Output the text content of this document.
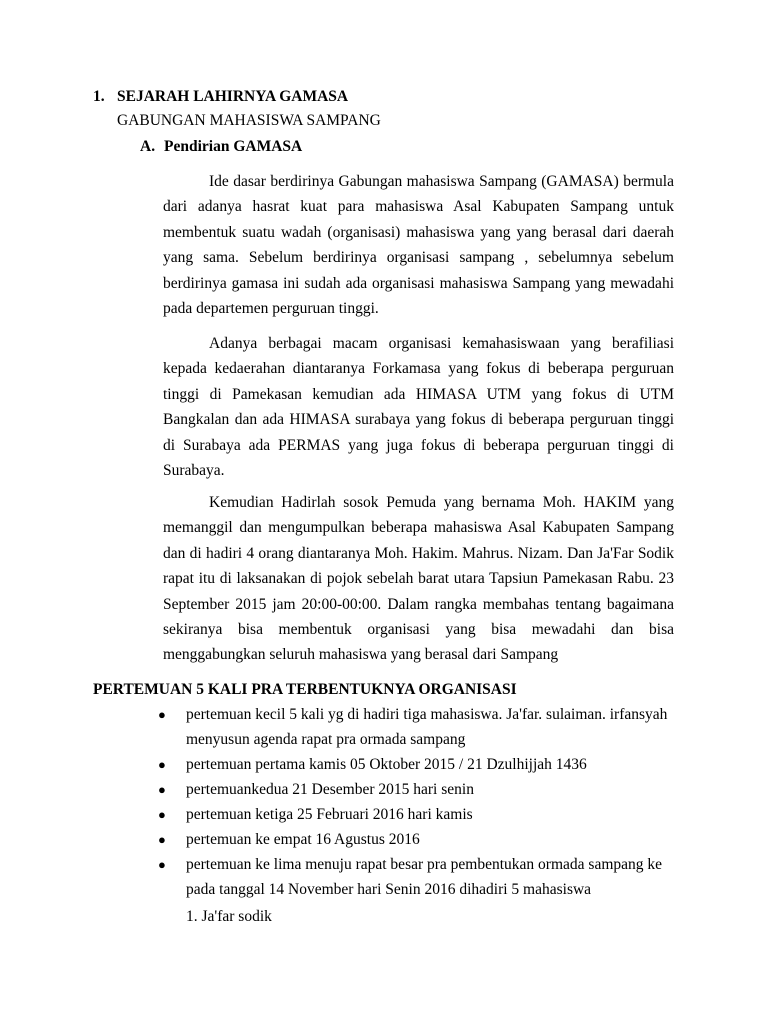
1. SEJARAH LAHIRNYA GAMASA
GABUNGAN MAHASISWA SAMPANG
A. Pendirian GAMASA

Ide dasar berdirinya Gabungan mahasiswa Sampang (GAMASA) bermula dari adanya hasrat kuat para mahasiswa Asal Kabupaten Sampang untuk membentuk suatu wadah (organisasi) mahasiswa yang yang berasal dari daerah yang sama. Sebelum berdirinya organisasi sampang , sebelumnya sebelum berdirinya gamasa ini sudah ada organisasi mahasiswa Sampang yang mewadahi pada departemen perguruan tinggi.

Adanya berbagai macam organisasi kemahasiswaan yang berafiliasi kepada kedaerahan diantaranya Forkamasa yang fokus di beberapa perguruan tinggi di Pamekasan kemudian ada HIMASA UTM yang fokus di UTM Bangkalan dan ada HIMASA surabaya yang fokus di beberapa perguruan tinggi di Surabaya ada PERMAS yang juga fokus di beberapa perguruan tinggi di Surabaya.

Kemudian Hadirlah sosok Pemuda yang bernama Moh. HAKIM yang memanggil dan mengumpulkan beberapa mahasiswa Asal Kabupaten Sampang dan di hadiri 4 orang diantaranya Moh. Hakim. Mahrus. Nizam. Dan Ja'Far Sodik rapat itu di laksanakan di pojok sebelah barat utara Tapsiun Pamekasan Rabu. 23 September 2015 jam 20:00-00:00. Dalam rangka membahas tentang bagaimana sekiranya bisa membentuk organisasi yang bisa mewadahi dan bisa menggabungkan seluruh mahasiswa yang berasal dari Sampang

PERTEMUAN 5 KALI PRA TERBENTUKNYA ORGANISASI
● pertemuan kecil 5 kali yg di hadiri tiga mahasiswa. Ja'far. sulaiman. irfansyah menyusun agenda rapat pra ormada sampang
● pertemuan pertama kamis 05 Oktober 2015 / 21 Dzulhijjah 1436
● pertemuankedua 21 Desember 2015 hari senin
● pertemuan ketiga 25 Februari 2016 hari kamis
● pertemuan ke empat 16 Agustus 2016
● pertemuan ke lima menuju rapat besar pra pembentukan ormada sampang ke pada tanggal 14 November hari Senin 2016 dihadiri 5 mahasiswa
1. Ja'far sodik
